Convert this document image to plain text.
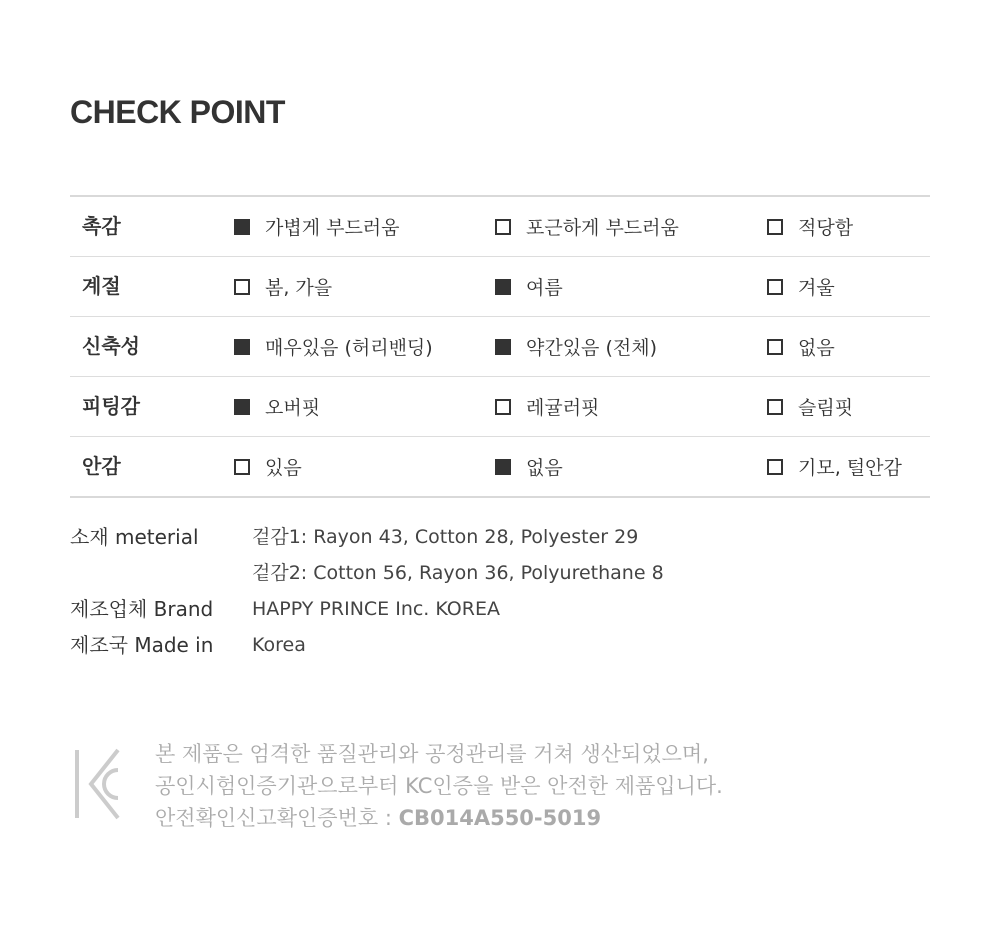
CHECK POINT
촉감	가볍게 부드러움	포근하게 부드러움	적당함
계절	봄, 가을	여름	겨울
신축성	매우있음 (허리밴딩)	약간있음 (전체)	없음
피팅감	오버핏	레귤러핏	슬림핏
안감	있음	없음	기모, 털안감
소재 meterial	겉감1: Rayon 43, Cotton 28, Polyester 29
겉감2: Cotton 56, Rayon 36, Polyurethane 8
제조업체 Brand HAPPY PRINCE Inc. KOREA
제조국 Made in Korea
본 제품은 엄격한 품질관리와 공정관리를 거쳐 생산되었으며,
공인시험인증기관으로부터 KC인증을 받은 안전한 제품입니다.
안전확인신고확인증번호 : CB014A550-5019
